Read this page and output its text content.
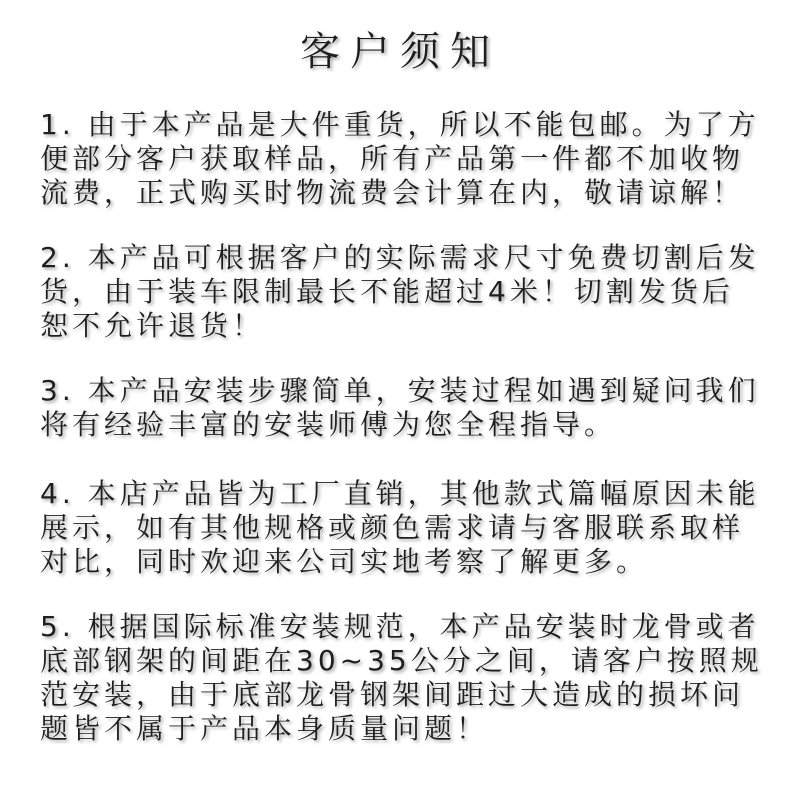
客户须知
1. 由于本产品是大件重货，所以不能包邮。为了方
便部分客户获取样品，所有产品第一件都不加收物
流费，正式购买时物流费会计算在内，敬请谅解！
2. 本产品可根据客户的实际需求尺寸免费切割后发
货，由于装车限制最长不能超过4米！切割发货后
恕不允许退货！
3. 本产品安装步骤简单，安装过程如遇到疑问我们
将有经验丰富的安装师傅为您全程指导。
4. 本店产品皆为工厂直销，其他款式篇幅原因未能
展示，如有其他规格或颜色需求请与客服联系取样
对比，同时欢迎来公司实地考察了解更多。
5. 根据国际标准安装规范，本产品安装时龙骨或者
底部钢架的间距在30~35公分之间，请客户按照规
范安装，由于底部龙骨钢架间距过大造成的损坏问
题皆不属于产品本身质量问题！
